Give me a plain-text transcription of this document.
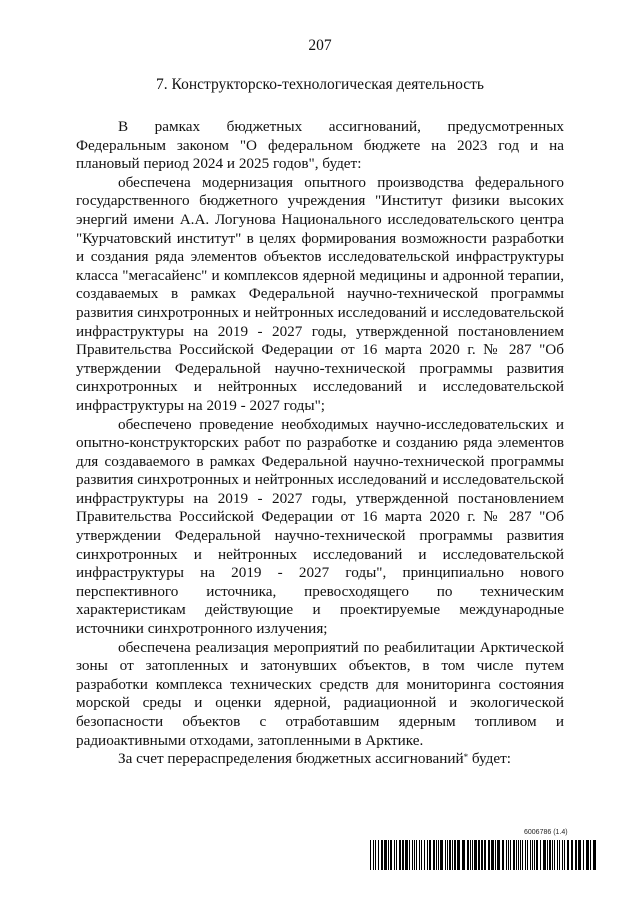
207
7. Конструкторско-технологическая деятельность

В рамках бюджетных ассигнований, предусмотренных Федеральным законом "О федеральном бюджете на 2023 год и на плановый период 2024 и 2025 годов", будет:

обеспечена модернизация опытного производства федерального государственного бюджетного учреждения "Институт физики высоких энергий имени А.А. Логунова Национального исследовательского центра "Курчатовский институт" в целях формирования возможности разработки и создания ряда элементов объектов исследовательской инфраструктуры класса "мегасайенс" и комплексов ядерной медицины и адронной терапии, создаваемых в рамках Федеральной научно-технической программы развития синхротронных и нейтронных исследований и исследовательской инфраструктуры на 2019 - 2027 годы, утвержденной постановлением Правительства Российской Федерации от 16 марта 2020 г. № 287 "Об утверждении Федеральной научно-технической программы развития синхротронных и нейтронных исследований и исследовательской инфраструктуры на 2019 - 2027 годы";

обеспечено проведение необходимых научно-исследовательских и опытно-конструкторских работ по разработке и созданию ряда элементов для создаваемого в рамках Федеральной научно-технической программы развития синхротронных и нейтронных исследований и исследовательской инфраструктуры на 2019 - 2027 годы, утвержденной постановлением Правительства Российской Федерации от 16 марта 2020 г. № 287 "Об утверждении Федеральной научно-технической программы развития синхротронных и нейтронных исследований и исследовательской инфраструктуры на 2019 - 2027 годы", принципиально нового перспективного источника, превосходящего по техническим характеристикам действующие и проектируемые международные источники синхротронного излучения;

обеспечена реализация мероприятий по реабилитации Арктической зоны от затопленных и затонувших объектов, в том числе путем разработки комплекса технических средств для мониторинга состояния морской среды и оценки ядерной, радиационной и экологической безопасности объектов с отработавшим ядерным топливом и радиоактивными отходами, затопленными в Арктике.

За счет перераспределения бюджетных ассигнований* будет:

6006786 (1.4)
